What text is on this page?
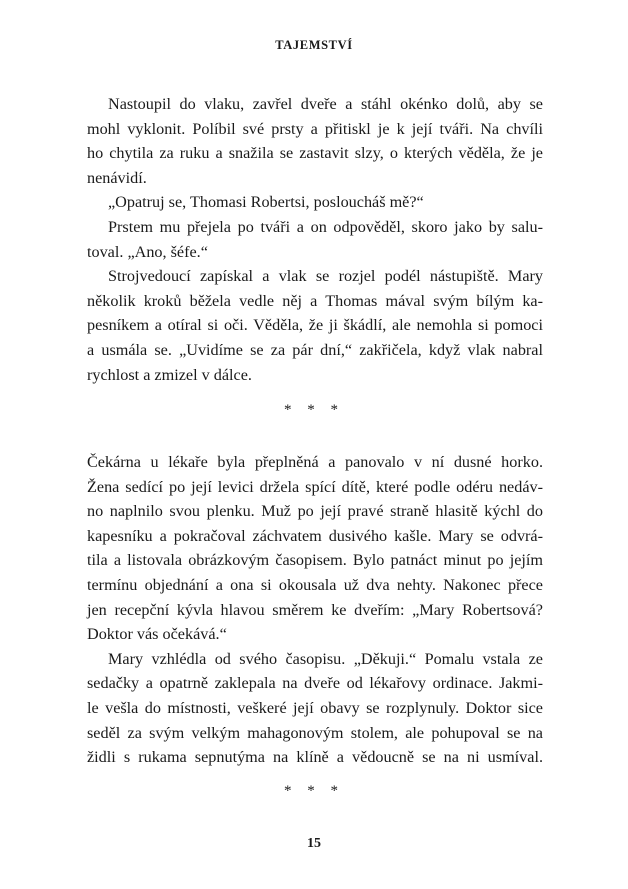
TAJEMSTVÍ
Nastoupil do vlaku, zavřel dveře a stáhl okénko dolů, aby se
mohl vyklonit. Políbil své prsty a přitiskl je k její tváři. Na chvíli
ho chytila za ruku a snažila se zastavit slzy, o kterých věděla, že je
nenávidí.
„Opatruj se, Thomasi Robertsi, posloucháš mě?“
Prstem mu přejela po tváři a on odpověděl, skoro jako by salu-
toval. „Ano, šéfe.“
Strojvedoucí zapískal a vlak se rozjel podél nástupiště. Mary
několik kroků běžela vedle něj a Thomas mával svým bílým ka-
pesníkem a otíral si oči. Věděla, že ji škádlí, ale nemohla si pomoci
a usmála se. „Uvidíme se za pár dní,“ zakřičela, když vlak nabral
rychlost a zmizel v dálce.
* * *
Čekárna u lékaře byla přeplněná a panovalo v ní dusné horko.
Žena sedící po její levici držela spící dítě, které podle odéru nedáv-
no naplnilo svou plenku. Muž po její pravé straně hlasitě kýchl do
kapesníku a pokračoval záchvatem dusivého kašle. Mary se odvrá-
tila a listovala obrázkovým časopisem. Bylo patnáct minut po jejím
termínu objednání a ona si okousala už dva nehty. Nakonec přece
jen recepční kývla hlavou směrem ke dveřím: „Mary Robertsová?
Doktor vás očekává.“
Mary vzhlédla od svého časopisu. „Děkuji.“ Pomalu vstala ze
sedačky a opatrně zaklepala na dveře od lékařovy ordinace. Jakmi-
le vešla do místnosti, veškeré její obavy se rozplynuly. Doktor sice
seděl za svým velkým mahagonovým stolem, ale pohupoval se na
židli s rukama sepnutýma na klíně a vědoucně se na ni usmíval.
* * *
15
